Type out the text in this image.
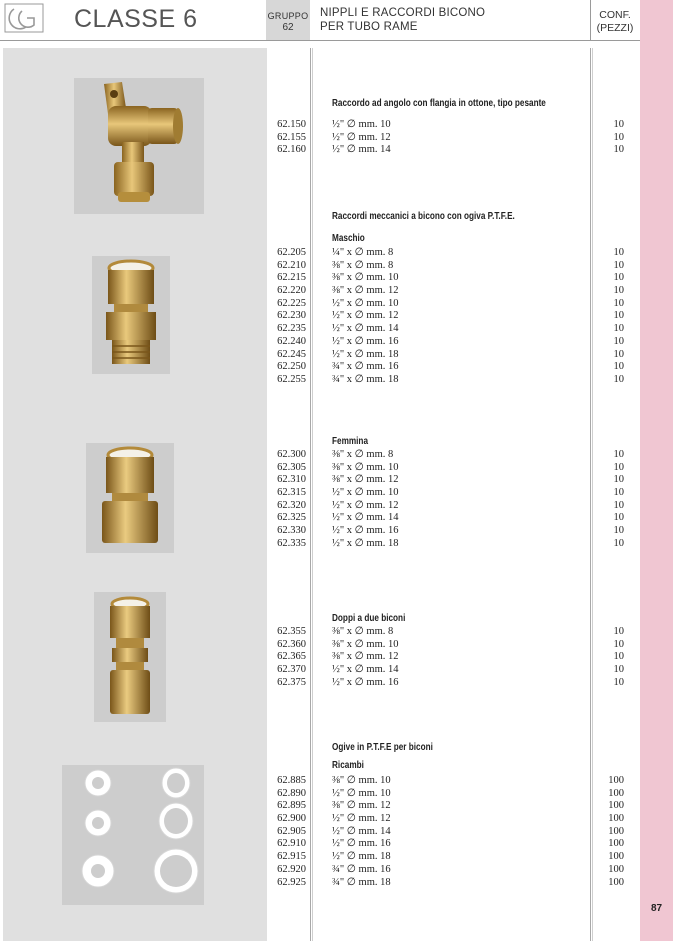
CG CLASSE 6	GRUPPO
62
NIPPLI E RACCORDI BICONO
PER TUBO RAME
CONF.
(PEZZI)
87
Raccordo ad angolo con flangia in ottone, tipo pesante
62.150
62.155
62.160
½" ∅ mm. 10
½" ∅ mm. 12
½" ∅ mm. 14
10
10
10
Raccordi meccanici a bicono con ogiva P.T.F.E.
Maschio
62.205
62.210
62.215
62.220
62.225
62.230
62.235
62.240
62.245
62.250
62.255
¼" x ∅ mm. 8
⅜" x ∅ mm. 8
⅜" x ∅ mm. 10
⅜" x ∅ mm. 12
½" x ∅ mm. 10
½" x ∅ mm. 12
½" x ∅ mm. 14
½" x ∅ mm. 16
½" x ∅ mm. 18
¾" x ∅ mm. 16
¾" x ∅ mm. 18
10
10
10
10
10
10
10
10
10
10
10
Femmina
62.300
62.305
62.310
62.315
62.320
62.325
62.330
62.335
⅜" x ∅ mm. 8
⅜" x ∅ mm. 10
⅜" x ∅ mm. 12
½" x ∅ mm. 10
½" x ∅ mm. 12
½" x ∅ mm. 14
½" x ∅ mm. 16
½" x ∅ mm. 18
10
10
10
10
10
10
10
10
Doppi a due biconi
62.355
62.360
62.365
62.370
62.375
⅜" x ∅ mm. 8
⅜" x ∅ mm. 10
⅜" x ∅ mm. 12
½" x ∅ mm. 14
½" x ∅ mm. 16
10
10
10
10
10
Ogive in P.T.F.E per biconi
Ricambi
62.885
62.890
62.895
62.900
62.905
62.910
62.915
62.920
62.925
⅜" ∅ mm. 10
½" ∅ mm. 10
⅜" ∅ mm. 12
½" ∅ mm. 12
½" ∅ mm. 14
½" ∅ mm. 16
½" ∅ mm. 18
¾" ∅ mm. 16
¾" ∅ mm. 18
100
100
100
100
100
100
100
100
100
